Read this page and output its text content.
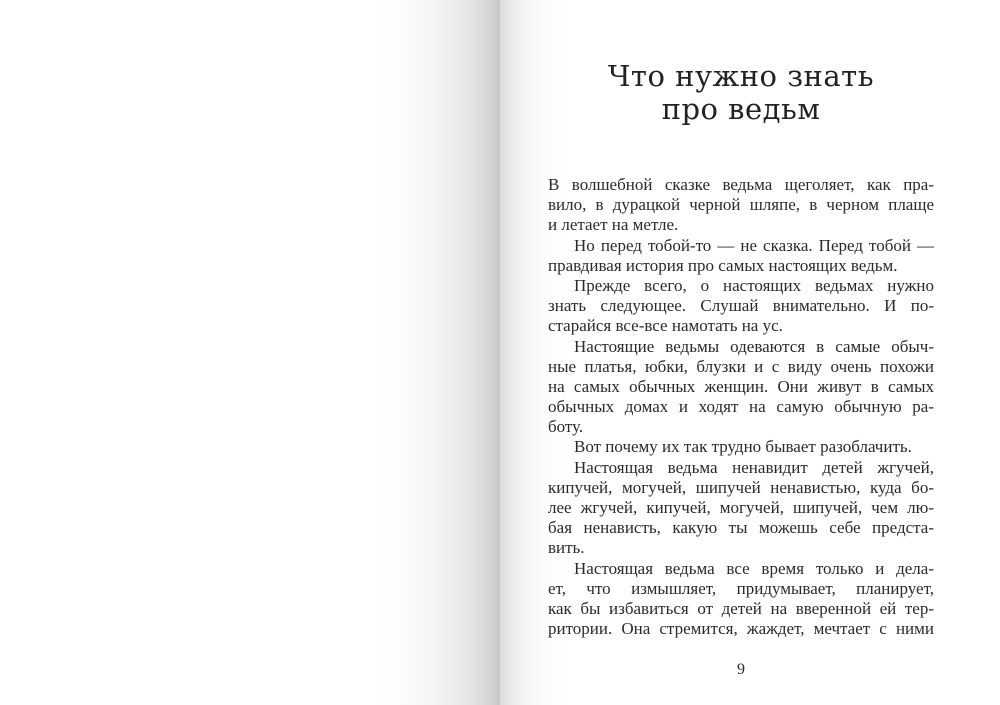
Что нужно знать
про ведьм
В волшебной сказке ведьма щеголяет, как пра-
вило, в дурацкой черной шляпе, в черном плаще
и летает на метле.
Но перед тобой-то — не сказка. Перед тобой —
правдивая история про самых настоящих ведьм.
Прежде всего, о настоящих ведьмах нужно
знать следующее. Слушай внимательно. И по-
старайся все-все намотать на ус.
Настоящие ведьмы одеваются в самые обыч-
ные платья, юбки, блузки и с виду очень похожи
на самых обычных женщин. Они живут в самых
обычных домах и ходят на самую обычную ра-
боту.
Вот почему их так трудно бывает разоблачить.
Настоящая ведьма ненавидит детей жгучей,
кипучей, могучей, шипучей ненавистью, куда бо-
лее жгучей, кипучей, могучей, шипучей, чем лю-
бая ненависть, какую ты можешь себе предста-
вить.
Настоящая ведьма все время только и дела-
ет, что измышляет, придумывает, планирует,
как бы избавиться от детей на вверенной ей тер-
ритории. Она стремится, жаждет, мечтает с ними
9
